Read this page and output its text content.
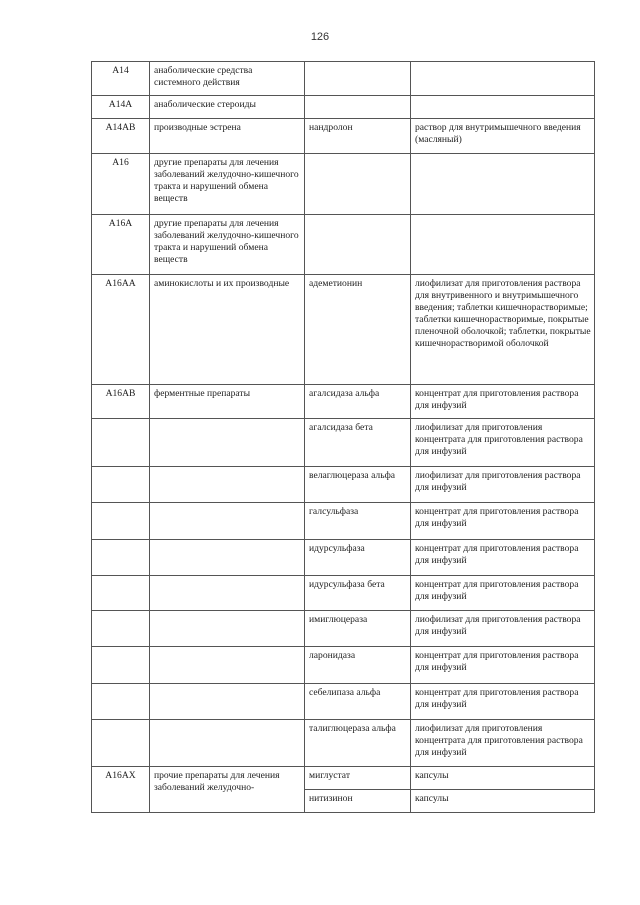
126
A14	анаболические средства системного действия		
A14A	анаболические стероиды		
A14AB	производные эстрена	нандролон	раствор для внутримышечного введения (масляный)
A16	другие препараты для лечения заболеваний желудочно-кишечного тракта и нарушений обмена веществ		
A16A	другие препараты для лечения заболеваний желудочно-кишечного тракта и нарушений обмена веществ		
A16AA	аминокислоты и их производные	адеметионин	лиофилизат для приготовления раствора для внутривенного и внутримышечного введения; таблетки кишечнорастворимые; таблетки кишечнорастворимые, покрытые пленочной оболочкой; таблетки, покрытые кишечнорастворимой оболочкой
A16AB	ферментные препараты	агалсидаза альфа	концентрат для приготовления раствора для инфузий
		агалсидаза бета	лиофилизат для приготовления концентрата для приготовления раствора для инфузий
		велаглюцераза альфа	лиофилизат для приготовления раствора для инфузий
		галсульфаза	концентрат для приготовления раствора для инфузий
		идурсульфаза	концентрат для приготовления раствора для инфузий
		идурсульфаза бета	концентрат для приготовления раствора для инфузий
		имиглюцераза	лиофилизат для приготовления раствора для инфузий
		ларонидаза	концентрат для приготовления раствора для инфузий
		себелипаза альфа	концентрат для приготовления раствора для инфузий
		талиглюцераза альфа	лиофилизат для приготовления концентрата для приготовления раствора для инфузий
A16AX	прочие препараты для лечения заболеваний желудочно-	миглустат	капсулы
		нитизинон	капсулы
